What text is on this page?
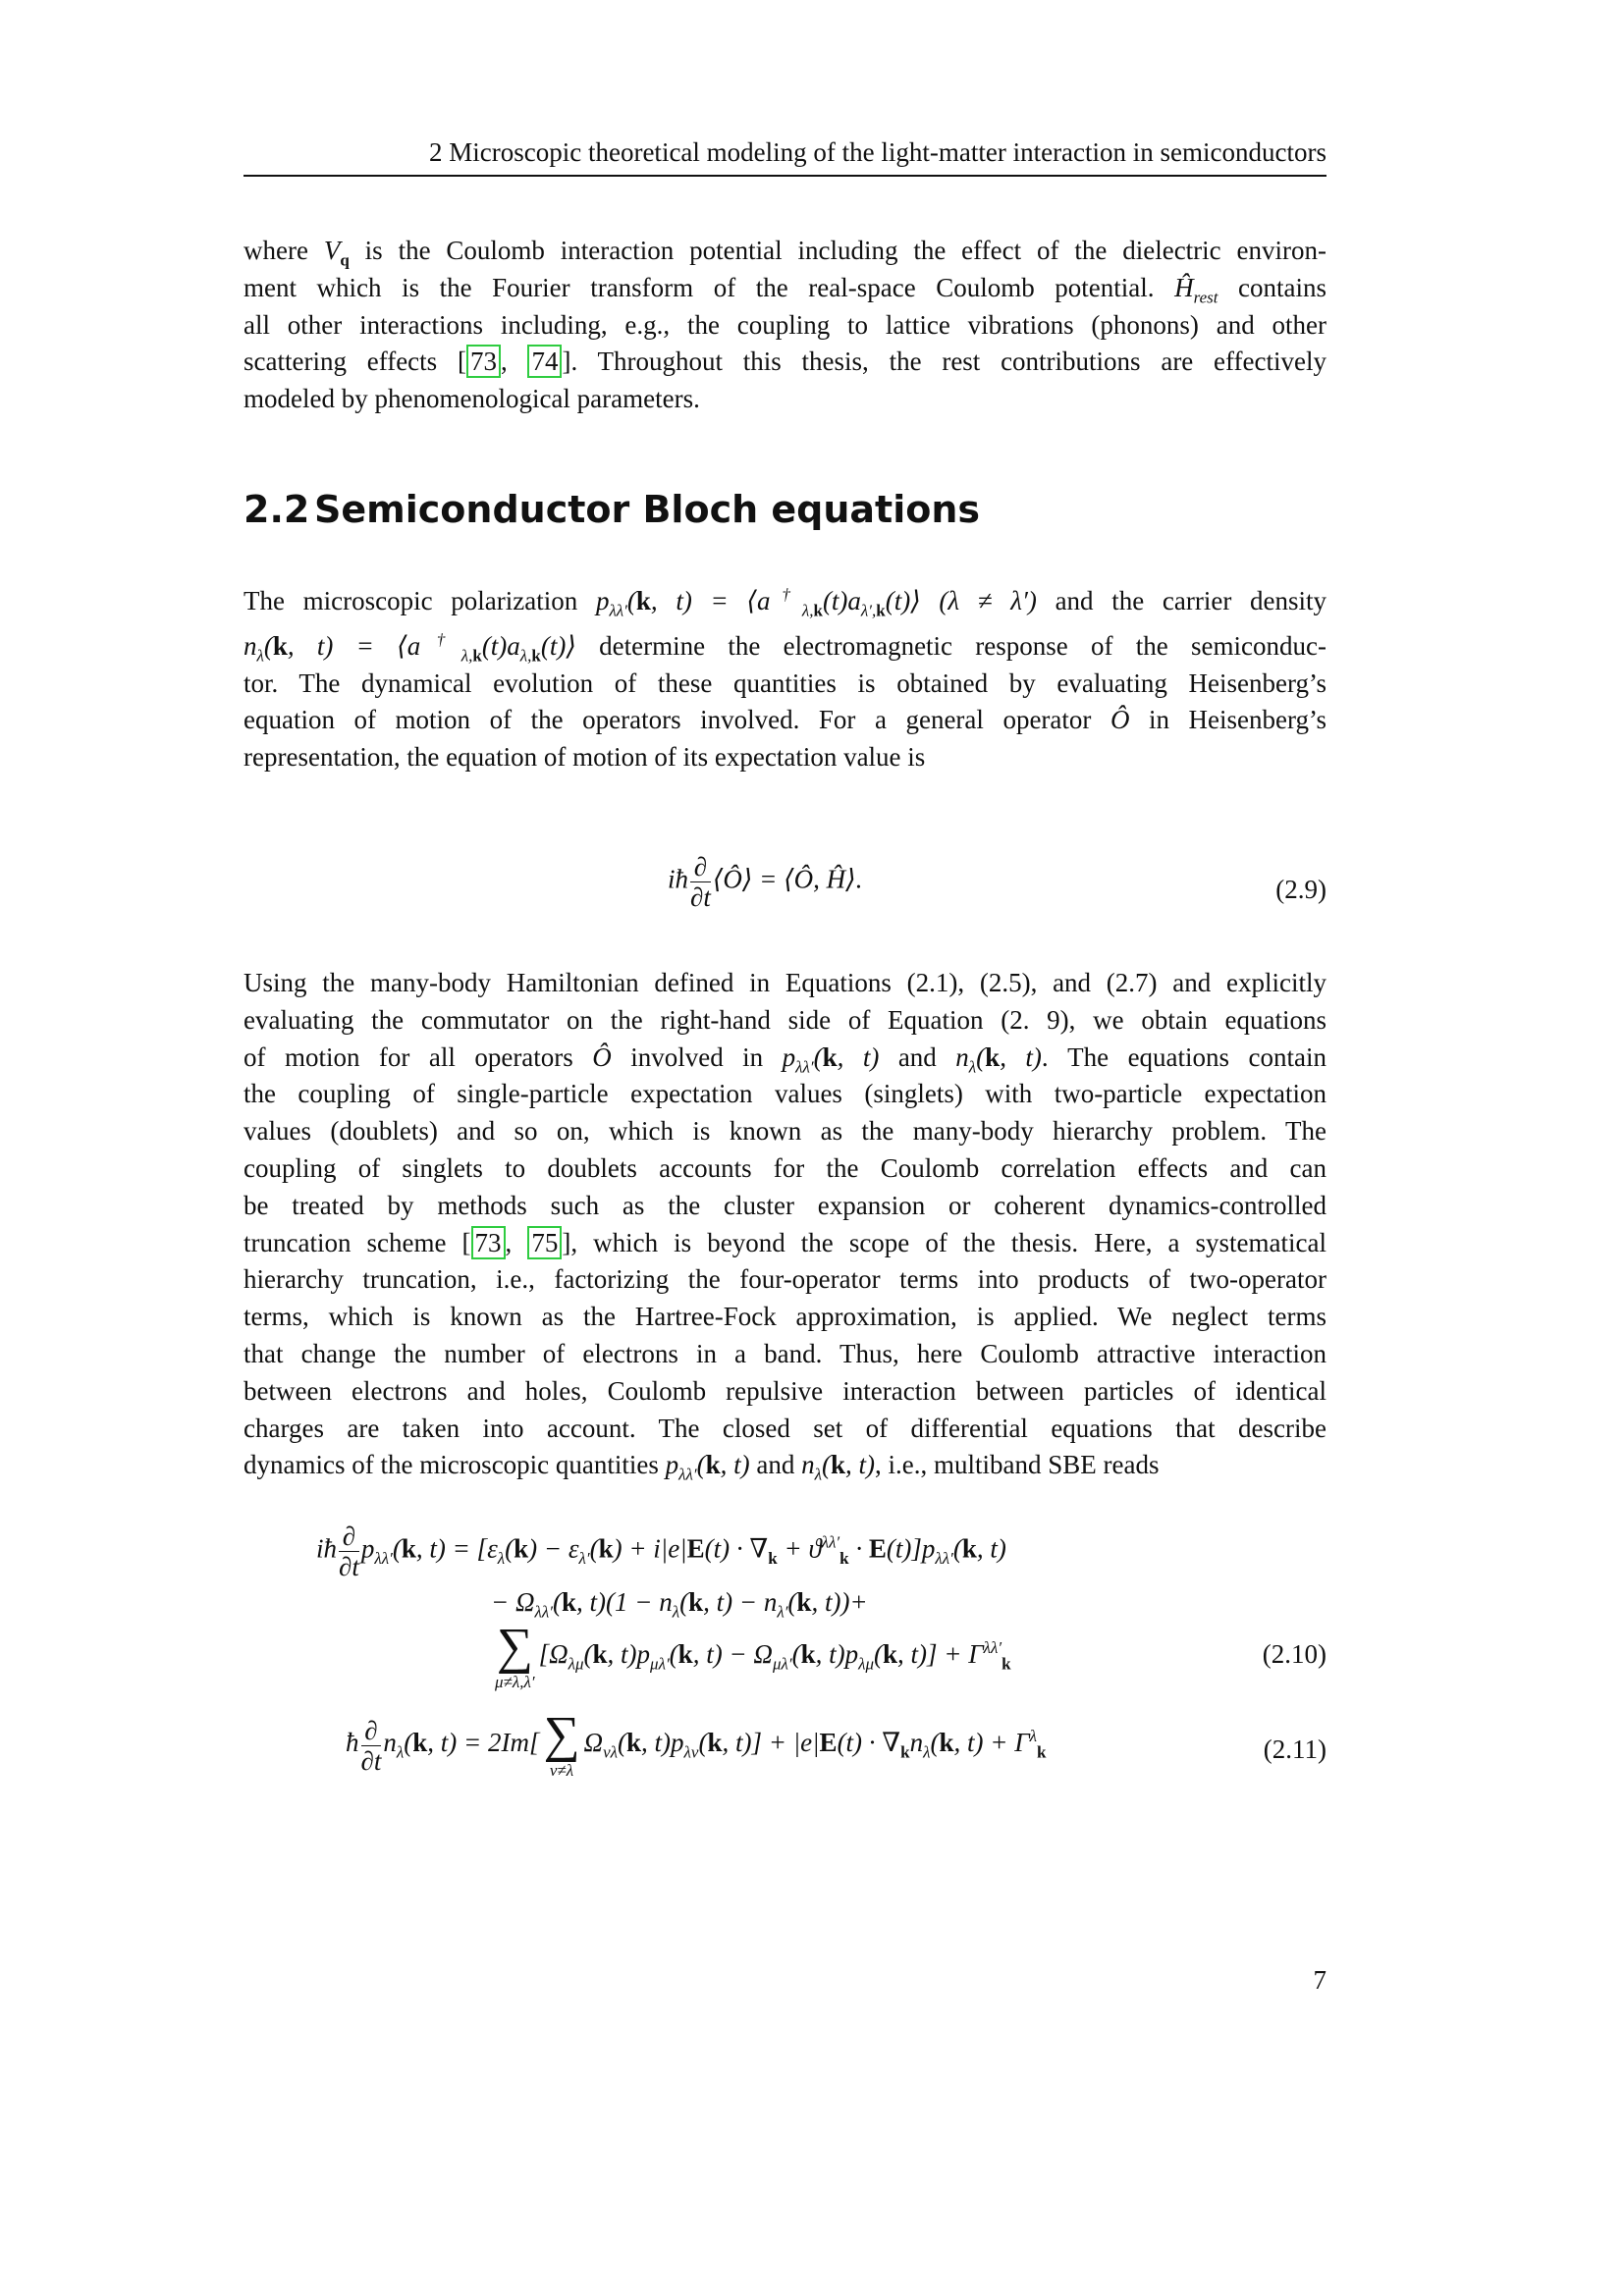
2 Microscopic theoretical modeling of the light-matter interaction in semiconductors
where $V_q$ is the Coulomb interaction potential including the effect of the dielectric environ-
ment which is the Fourier transform of the real-space Coulomb potential. $Ĥ_{rest}$ contains
all other interactions including, e.g., the coupling to lattice vibrations (phonons) and other
scattering effects [ 73 , 74 ]. Throughout this thesis, the rest contributions are effectively
modeled by phenomenological parameters.
2.2 Semiconductor Bloch equations
The microscopic polarization $p_{\lambda\lambda'}(k$, $t) = ⟨a^\dagger_{\lambda,k}(t)a_{\lambda',k}(t)⟩$ (λ ≠ λ′) and the carrier density
$n_\lambda(k$, $t) = ⟨a^\dagger_{\lambda,k}(t)a_{\lambda,k}(t)⟩$ determine the electromagnetic response of the semiconduc-
tor. The dynamical evolution of these quantities is obtained by evaluating Heisenberg’s
equation of motion of the operators involved. For a general operator Ô in Heisenberg’s
representation, the equation of motion of its expectation value is
iħ $\frac{\partial}{\partial t}$ ⟨Ô⟩ = ⟨Ô, Ĥ⟩.	(2.9)
Using the many-body Hamiltonian defined in Equations (2.1), (2.5), and (2.7) and explicitly
evaluating the commutator on the right-hand side of Equation (2. 9), we obtain equations
of motion for all operators Ô involved in $p_{\lambda\lambda'}(k$, t) and $n_\lambda(k$, t). The equations contain
the coupling of single-particle expectation values (singlets) with two-particle expectation
values (doublets) and so on, which is known as the many-body hierarchy problem. The
coupling of singlets to doublets accounts for the Coulomb correlation effects and can
be treated by methods such as the cluster expansion or coherent dynamics-controlled
truncation scheme [ 73 , 75 ], which is beyond the scope of the thesis. Here, a systematical
hierarchy truncation, i.e., factorizing the four-operator terms into products of two-operator
terms, which is known as the Hartree-Fock approximation, is applied. We neglect terms
that change the number of electrons in a band. Thus, here Coulomb attractive interaction
between electrons and holes, Coulomb repulsive interaction between particles of identical
charges are taken into account. The closed set of differential equations that describe
dynamics of the microscopic quantities $p_{\lambda\lambda'}(k$, t) and $n_\lambda(k$, t), i.e., multiband SBE reads
iħ $\frac{\partial}{\partial t} p_{\lambda\lambda'}(k$, $t) = [\varepsilon_\lambda(k) - \varepsilon_{\lambda'}(k) + i|e|E(t) \cdot \nabla_k + ϑ^{\lambda\lambda'}_k \cdot E(t)]p_{\lambda\lambda'}(k$, t)
− $\Omega_{\lambda\lambda'}(k$, $t)(1 - n_\lambda(k$, $t) - n_{\lambda'}(k$, t))+
∑
μ≠λ,λ′
[$\Omega_{\lambda\mu}(k$, $t)p_{\mu\lambda'}(k$, $t) - \Omega_{\mu\lambda'}(k$, $t)p_{\lambda\mu}(k$, $t)] + \Gamma^{\lambda\lambda'}_k$	(2.10)
ħ $\frac{\partial}{\partial t} n_\lambda(k$, t) = 2Im[ ∑
ν≠λ
$\Omega_{\nu\lambda}(k$, $t)p_{\lambda\nu}(k$, $t)] + |e|E(t) \cdot \nabla_kn_\lambda(k$, $t) + \Gamma^\lambda_k$	(2.11)
7
